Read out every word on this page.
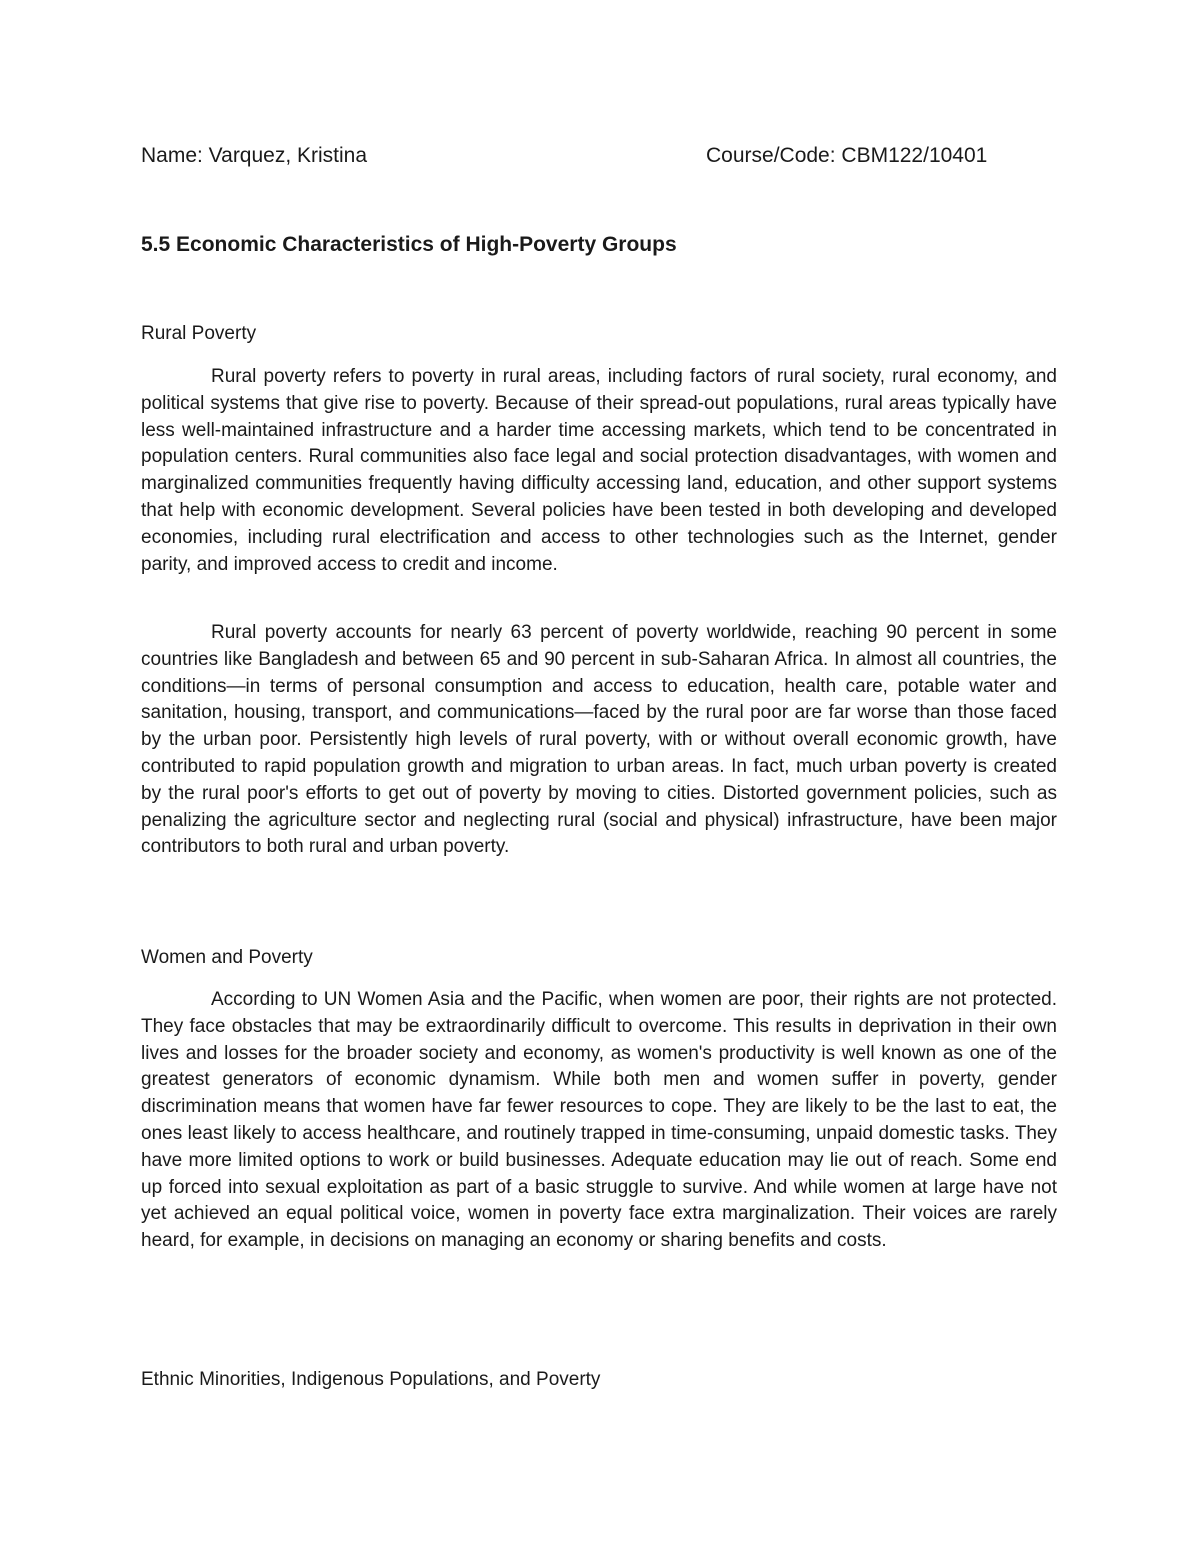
Name: Varquez, Kristina	Course/Code: CBM122/10401
5.5 Economic Characteristics of High-Poverty Groups
Rural Poverty

Rural poverty refers to poverty in rural areas, including factors of rural society, rural economy, and political systems that give rise to poverty. Because of their spread-out populations, rural areas typically have less well-maintained infrastructure and a harder time accessing markets, which tend to be concentrated in population centers. Rural communities also face legal and social protection disadvantages, with women and marginalized communities frequently having difficulty accessing land, education, and other support systems that help with economic development. Several policies have been tested in both developing and developed economies, including rural electrification and access to other technologies such as the Internet, gender parity, and improved access to credit and income.

Rural poverty accounts for nearly 63 percent of poverty worldwide, reaching 90 percent in some countries like Bangladesh and between 65 and 90 percent in sub-Saharan Africa. In almost all countries, the conditions—in terms of personal consumption and access to education, health care, potable water and sanitation, housing, transport, and communications—faced by the rural poor are far worse than those faced by the urban poor. Persistently high levels of rural poverty, with or without overall economic growth, have contributed to rapid population growth and migration to urban areas. In fact, much urban poverty is created by the rural poor's efforts to get out of poverty by moving to cities. Distorted government policies, such as penalizing the agriculture sector and neglecting rural (social and physical) infrastructure, have been major contributors to both rural and urban poverty.

Women and Poverty

According to UN Women Asia and the Pacific, when women are poor, their rights are not protected. They face obstacles that may be extraordinarily difficult to overcome. This results in deprivation in their own lives and losses for the broader society and economy, as women's productivity is well known as one of the greatest generators of economic dynamism. While both men and women suffer in poverty, gender discrimination means that women have far fewer resources to cope. They are likely to be the last to eat, the ones least likely to access healthcare, and routinely trapped in time-consuming, unpaid domestic tasks. They have more limited options to work or build businesses. Adequate education may lie out of reach. Some end up forced into sexual exploitation as part of a basic struggle to survive. And while women at large have not yet achieved an equal political voice, women in poverty face extra marginalization. Their voices are rarely heard, for example, in decisions on managing an economy or sharing benefits and costs.

Ethnic Minorities, Indigenous Populations, and Poverty
